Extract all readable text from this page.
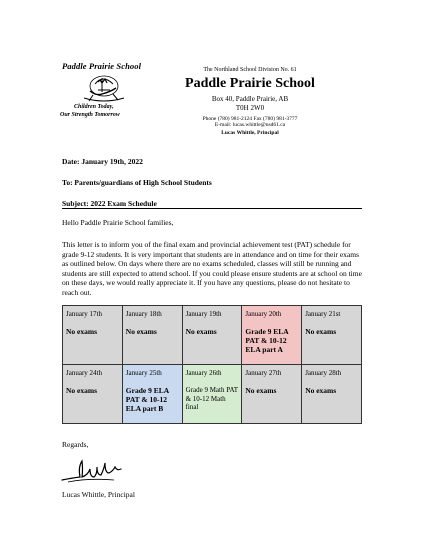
Paddle Prairie School
Children Today,
Our Strength Tomorrow
The Northland School Division No. 61
Paddle Prairie School
Box 40, Paddle Prairie, AB
T0H 2W0
Phone (780) 981-2124 Fax (780) 981-3777
E-mail: lucas.whittle@nsd61.ca
Lucas Whittle, Principal
Date: January 19th, 2022
To: Parents/guardians of High School Students
Subject: 2022 Exam Schedule
Hello Paddle Prairie School families,
This letter is to inform you of the final exam and provincial achievement test (PAT) schedule for grade 9-12 students. It is very important that students are in attendance and on time for their exams as outlined below. On days where there are no exams scheduled, classes will still be running and students are still expected to attend school. If you could please ensure students are at school on time on these days, we would really appreciate it. If you have any questions, please do not hesitate to reach out.
January 17th
No exams	January 18th
No exams	January 19th
No exams	January 20th
Grade 9 ELA PAT & 10-12 ELA part A	January 21st
No exams

January 24th
No exams	January 25th
Grade 9 ELA PAT & 10-12 ELA part B	January 26th
Grade 9 Math PAT & 10-12 Math final	January 27th
No exams	January 28th
No exams
Regards,
Lucas Whittle, Principal
